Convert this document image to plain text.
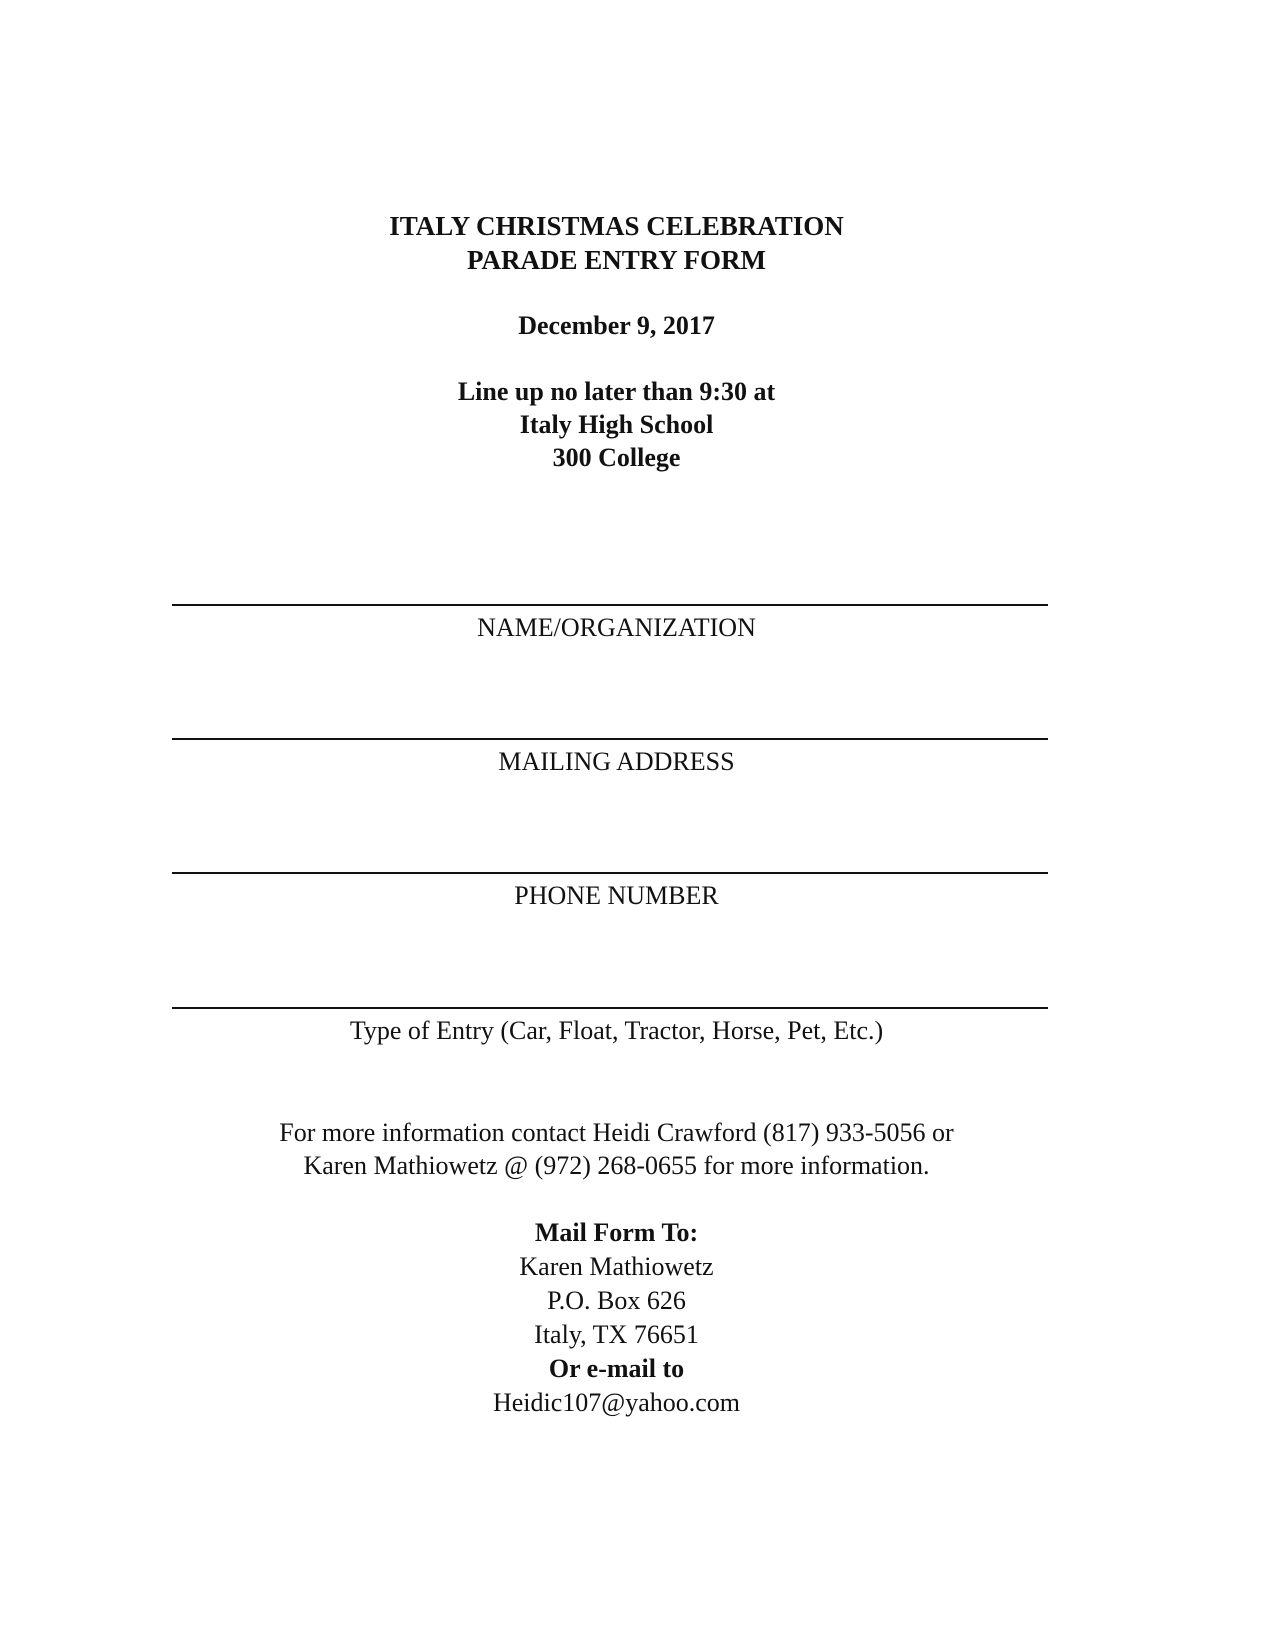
ITALY CHRISTMAS CELEBRATION
PARADE ENTRY FORM
December 9, 2017
Line up no later than 9:30 at
Italy High School
300 College
NAME/ORGANIZATION
MAILING ADDRESS
PHONE NUMBER
Type of Entry (Car, Float, Tractor, Horse, Pet, Etc.)
For more information contact Heidi Crawford (817) 933-5056 or
Karen Mathiowetz @ (972) 268-0655 for more information.
Mail Form To:
Karen Mathiowetz
P.O. Box 626
Italy, TX 76651
Or e-mail to
Heidic107@yahoo.com
